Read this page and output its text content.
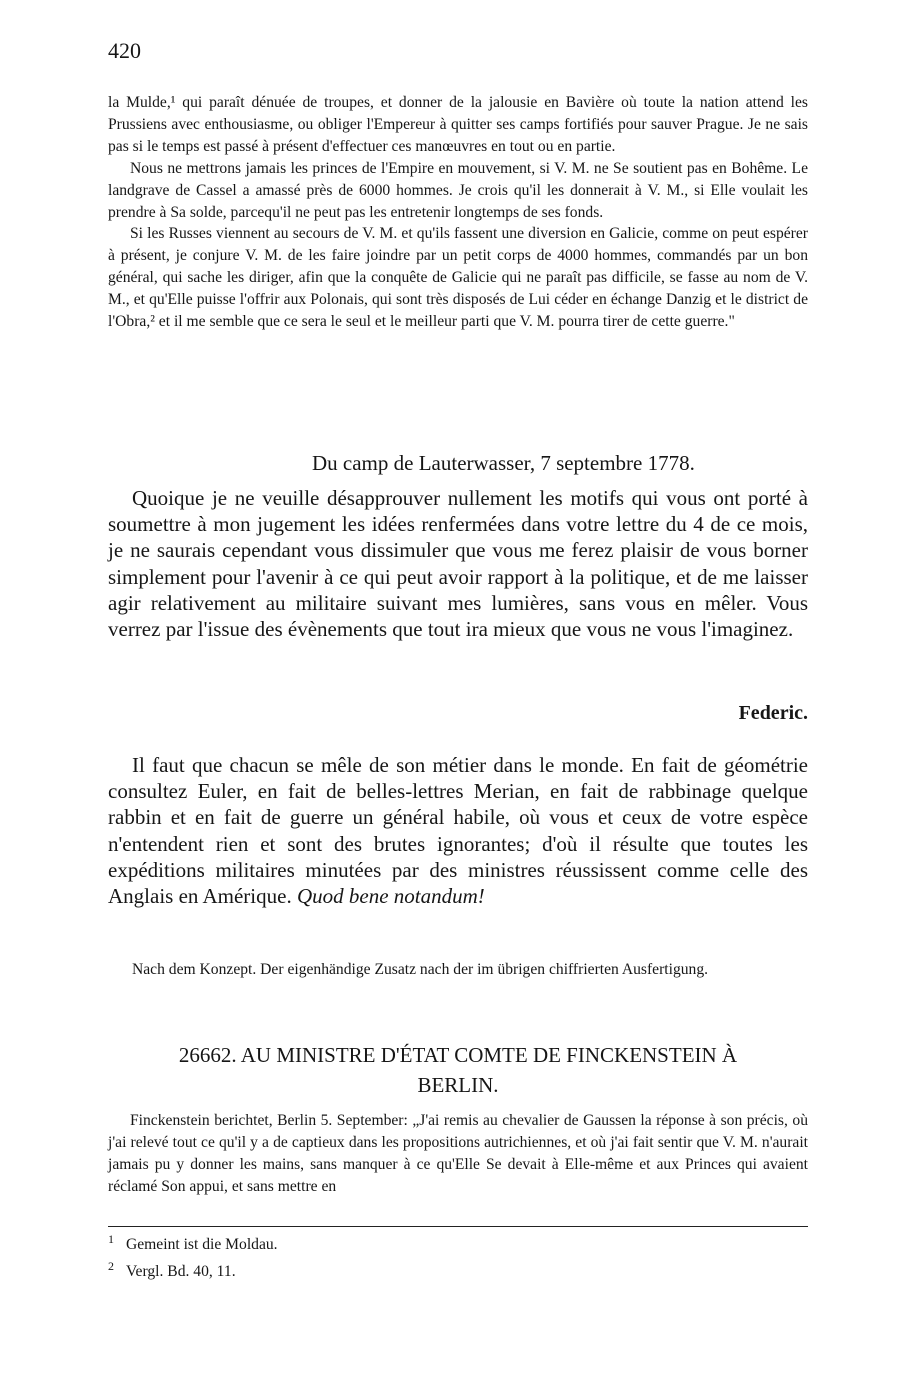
420

la Mulde,¹ qui paraît dénuée de troupes, et donner de la jalousie en Bavière où toute la nation attend les Prussiens avec enthousiasme, ou obliger l'Empereur à quitter ses camps fortifiés pour sauver Prague. Je ne sais pas si le temps est passé à présent d'effectuer ces manœuvres en tout ou en partie.

Nous ne mettrons jamais les princes de l'Empire en mouvement, si V. M. ne Se soutient pas en Bohême. Le landgrave de Cassel a amassé près de 6000 hommes. Je crois qu'il les donnerait à V. M., si Elle voulait les prendre à Sa solde, parcequ'il ne peut pas les entretenir longtemps de ses fonds.

Si les Russes viennent au secours de V. M. et qu'ils fassent une diversion en Galicie, comme on peut espérer à présent, je conjure V. M. de les faire joindre par un petit corps de 4000 hommes, commandés par un bon général, qui sache les diriger, afin que la conquête de Galicie qui ne paraît pas difficile, se fasse au nom de V. M., et qu'Elle puisse l'offrir aux Polonais, qui sont très disposés de Lui céder en échange Danzig et le district de l'Obra,² et il me semble que ce sera le seul et le meilleur parti que V. M. pourra tirer de cette guerre."

Du camp de Lauterwasser, 7 septembre 1778.

Quoique je ne veuille désapprouver nullement les motifs qui vous ont porté à soumettre à mon jugement les idées renfermées dans votre lettre du 4 de ce mois, je ne saurais cependant vous dissimuler que vous me ferez plaisir de vous borner simplement pour l'avenir à ce qui peut avoir rapport à la politique, et de me laisser agir relativement au militaire suivant mes lumières, sans vous en mêler. Vous verrez par l'issue des évènements que tout ira mieux que vous ne vous l'imaginez.

Federic.

Il faut que chacun se mêle de son métier dans le monde. En fait de géométrie consultez Euler, en fait de belles-lettres Merian, en fait de rabbinage quelque rabbin et en fait de guerre un général habile, où vous et ceux de votre espèce n'entendent rien et sont des brutes ignorantes; d'où il résulte que toutes les expéditions militaires minutées par des ministres réussissent comme celle des Anglais en Amérique. Quod bene notandum!

Nach dem Konzept. Der eigenhändige Zusatz nach der im übrigen chiffrierten Ausfertigung.
26662. AU MINISTRE D'ÉTAT COMTE DE FINCKENSTEIN À
BERLIN.

Finckenstein berichtet, Berlin 5. September: „J'ai remis au chevalier de Gaussen la réponse à son précis, où j'ai relevé tout ce qu'il y a de captieux dans les propositions autrichiennes, et où j'ai fait sentir que V. M. n'aurait jamais pu y donner les mains, sans manquer à ce qu'Elle Se devait à Elle-même et aux Princes qui avaient réclamé Son appui, et sans mettre en

1 Gemeint ist die Moldau.
2 Vergl. Bd. 40, 11.
